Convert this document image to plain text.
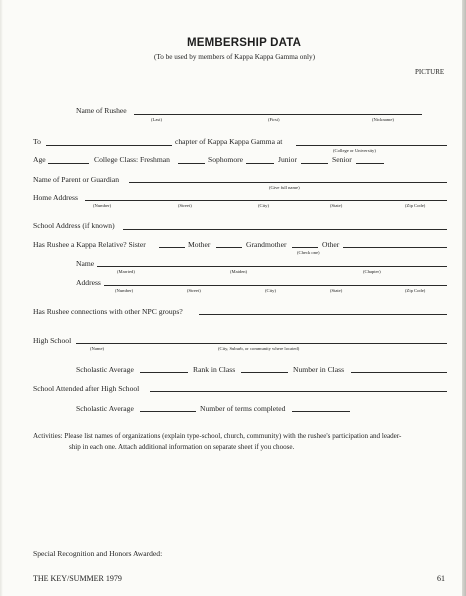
MEMBERSHIP DATA
(To be used by members of Kappa Kappa Gamma only)
PICTURE
Name of Rushee
(Last)	(First)	(Nickname)
To	chapter of Kappa Kappa Gamma at
(College or University)
Age	College Class: Freshman	Sophomore	Junior	Senior
Name of Parent or Guardian
(Give full name)
Home Address
(Number)	(Street)	(City)	(State)	(Zip Code)
School Address (if known)
Has Rushee a Kappa Relative? Sister	Mother	Grandmother	Other
(Check one)
Name
(Married)	(Maiden)	(Chapter)
Address
(Number)	(Street)	(City)	(State)	(Zip Code)
Has Rushee connections with other NPC groups?
High School
(Name)	(City, Suburb, or community where located)
Scholastic Average	Rank in Class	Number in Class
School Attended after High School
Scholastic Average	Number of terms completed
Activities: Please list names of organizations (explain type-school, church, community) with the rushee's participation and leader-
ship in each one. Attach additional information on separate sheet if you choose.
Special Recognition and Honors Awarded:
THE KEY/SUMMER 1979	61
